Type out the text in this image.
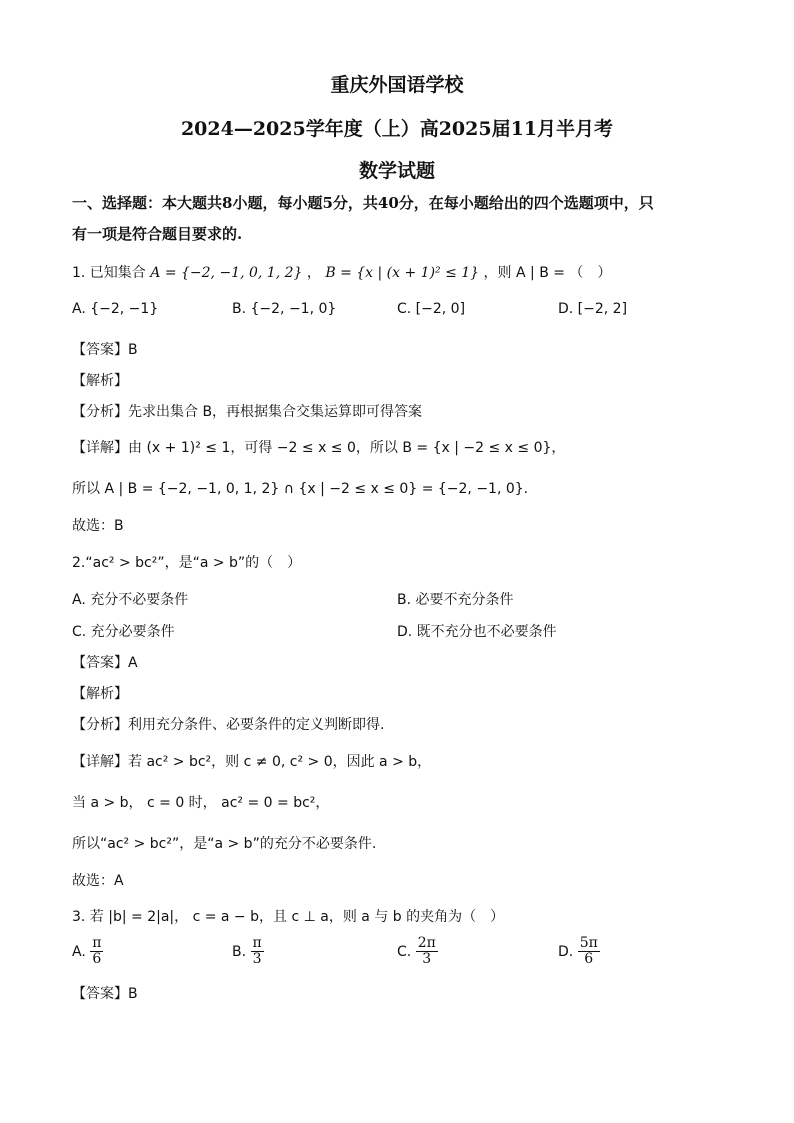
重庆外国语学校
2024—2025学年度（上）高2025届11月半月考
数学试题
一、选择题：本大题共8小题，每小题5分，共40分，在每小题给出的四个选题项中，只
有一项是符合题目要求的.
1. 已知集合 A = {−2, −1, 0, 1, 2} ， B = {x | (x + 1)² ≤ 1} ，则 A | B = （　）
A. {−2, −1}	B. {−2, −1, 0}	C. [−2, 0]	D. [−2, 2]
【答案】B
【解析】
【分析】先求出集合 B，再根据集合交集运算即可得答案
【详解】由 (x + 1)² ≤ 1，可得 −2 ≤ x ≤ 0，所以 B = {x | −2 ≤ x ≤ 0}，
所以 A | B = {−2, −1, 0, 1, 2} ∩ {x | −2 ≤ x ≤ 0} = {−2, −1, 0}.
故选：B
2.“ac² > bc²”，是“a > b”的（　）
A. 充分不必要条件	B. 必要不充分条件
C. 充分必要条件	D. 既不充分也不必要条件
【答案】A
【解析】
【分析】利用充分条件、必要条件的定义判断即得.
【详解】若 ac² > bc²，则 c ≠ 0, c² > 0，因此 a > b，
当 a > b， c = 0 时， ac² = 0 = bc²，
所以“ac² > bc²”，是“a > b”的充分不必要条件.
故选：A
3. 若 |b| = 2|a|， c = a − b，且 c ⊥ a，则 a 与 b 的夹角为（　）
A. $\frac{\pi}{6}$	B. $\frac{\pi}{3}$	C. $\frac{2\pi}{3}$	D. $\frac{5\pi}{6}$
【答案】B
